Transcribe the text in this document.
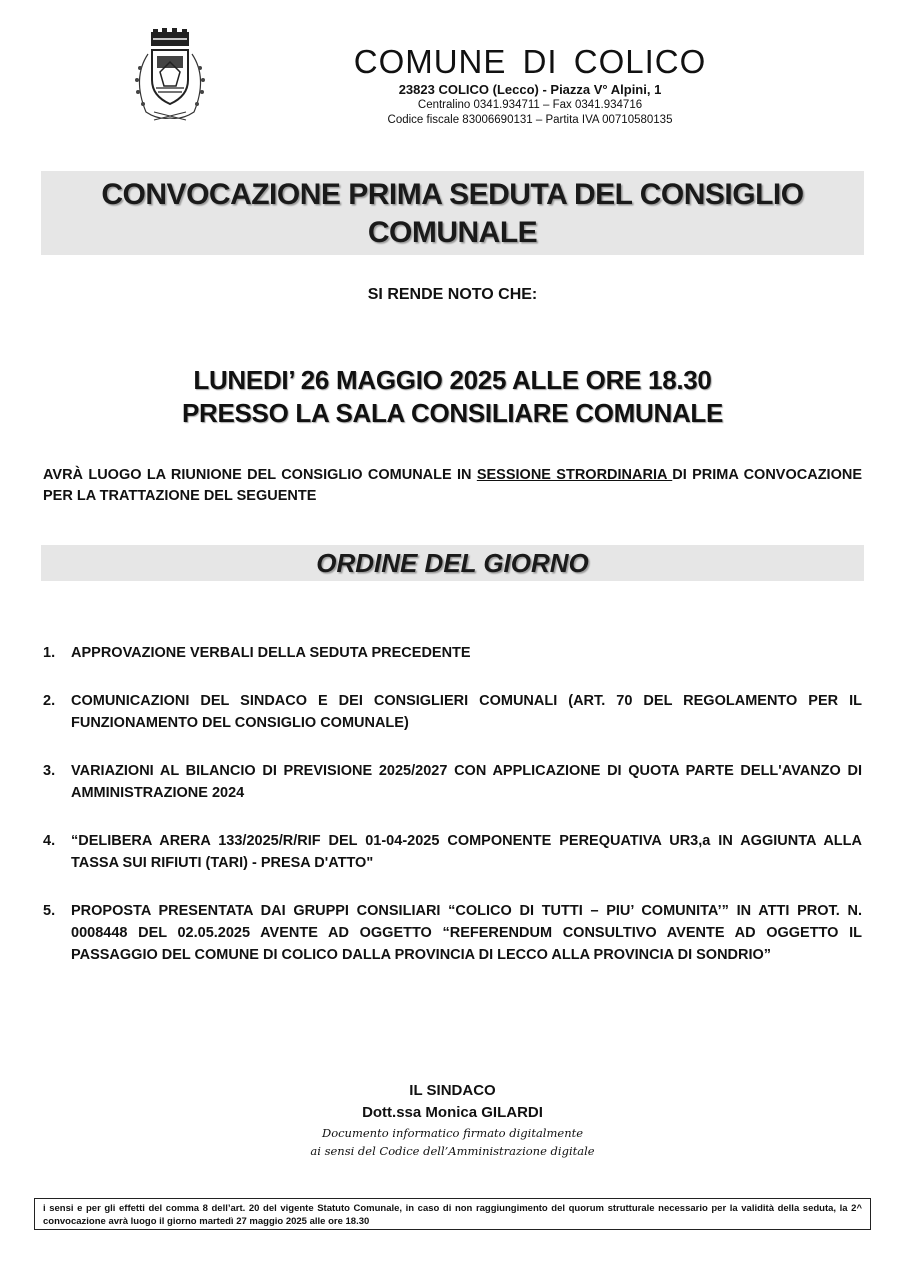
COMUNE DI COLICO
23823 COLICO (Lecco) - Piazza V° Alpini, 1
Centralino 0341.934711 – Fax 0341.934716
Codice fiscale 83006690131 – Partita IVA 00710580135
CONVOCAZIONE PRIMA SEDUTA DEL CONSIGLIO
COMUNALE
SI RENDE NOTO CHE:
LUNEDI’ 26 MAGGIO 2025 ALLE ORE 18.30
PRESSO LA SALA CONSILIARE COMUNALE
AVRÀ LUOGO LA RIUNIONE DEL CONSIGLIO COMUNALE IN SESSIONE STRORDINARIA DI PRIMA CONVOCAZIONE PER LA TRATTAZIONE DEL SEGUENTE
ORDINE DEL GIORNO
1. APPROVAZIONE VERBALI DELLA SEDUTA PRECEDENTE
2. COMUNICAZIONI DEL SINDACO E DEI CONSIGLIERI COMUNALI (ART. 70 DEL REGOLAMENTO PER IL FUNZIONAMENTO DEL CONSIGLIO COMUNALE)
3. VARIAZIONI AL BILANCIO DI PREVISIONE 2025/2027 CON APPLICAZIONE DI QUOTA PARTE DELL'AVANZO DI AMMINISTRAZIONE 2024
4. “DELIBERA ARERA 133/2025/R/RIF DEL 01-04-2025 COMPONENTE PEREQUATIVA UR3,a IN AGGIUNTA ALLA TASSA SUI RIFIUTI (TARI) - PRESA D'ATTO"
5. PROPOSTA PRESENTATA DAI GRUPPI CONSILIARI “COLICO DI TUTTI – PIU’ COMUNITA’” IN ATTI PROT. N. 0008448 DEL 02.05.2025 AVENTE AD OGGETTO “REFERENDUM CONSULTIVO AVENTE AD OGGETTO IL PASSAGGIO DEL COMUNE DI COLICO DALLA PROVINCIA DI LECCO ALLA PROVINCIA DI SONDRIO”
IL SINDACO
Dott.ssa Monica GILARDI
Documento informatico firmato digitalmente
ai sensi del Codice dell’Amministrazione digitale
i sensi e per gli effetti del comma 8 dell’art. 20 del vigente Statuto Comunale, in caso di non raggiungimento del quorum strutturale necessario per la validità della seduta, la 2^ convocazione avrà luogo il giorno martedì 27 maggio 2025 alle ore 18.30
